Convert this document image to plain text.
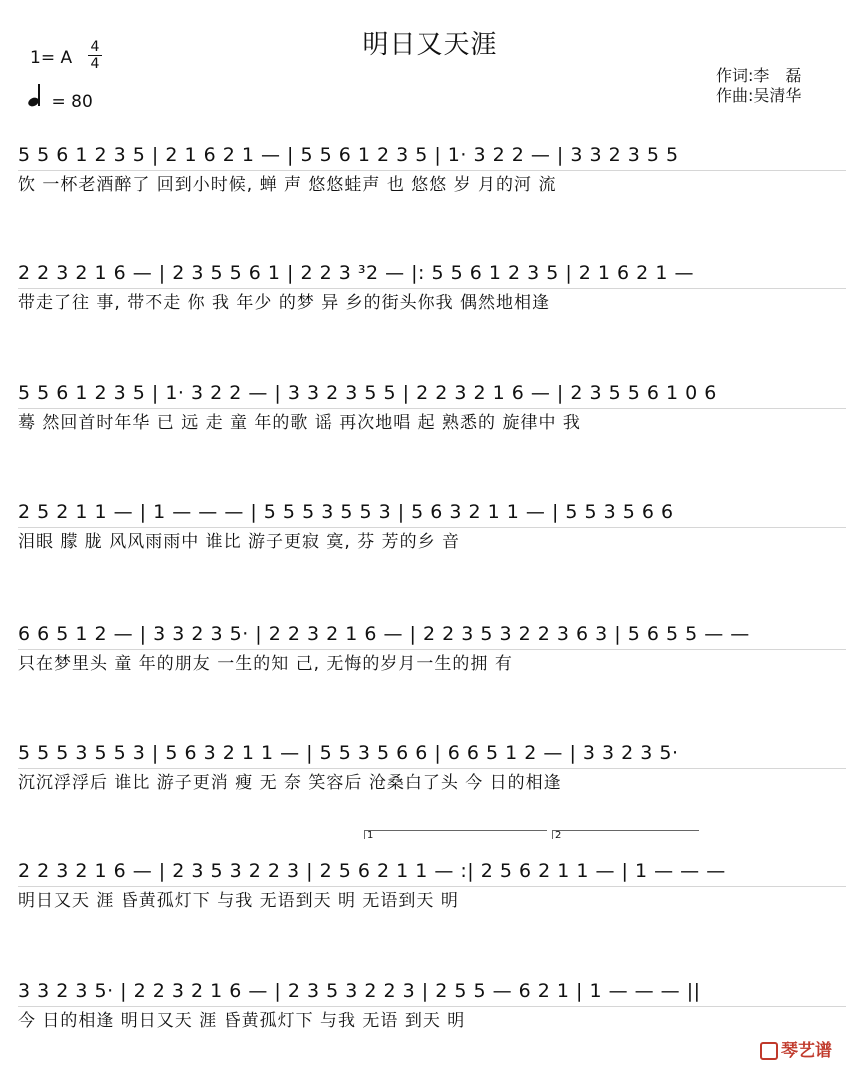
明日又天涯
1= A
4
4
= 80
作词:李　磊
作曲:吴清华
5 5 6 1 2 3 5 | 2 1 6 2 1 — | 5 5 6 1 2 3 5 | 1· 3 2 2 — | 3 3 2 3 5 5
饮 一杯老酒醉了 回到小时候, 蝉 声 悠悠蛙声 也 悠悠 岁 月的河 流
2 2 3 2 1 6 — | 2 3 5 5 6 1 | 2 2 3 ³2 — |: 5 5 6 1 2 3 5 | 2 1 6 2 1 —
带走了往 事, 带不走 你 我 年少 的梦 异 乡的街头你我 偶然地相逢
5 5 6 1 2 3 5 | 1· 3 2 2 — | 3 3 2 3 5 5 | 2 2 3 2 1 6 — | 2 3 5 5 6 1 0 6
蓦 然回首时年华 已 远 走 童 年的歌 谣 再次地唱 起 熟悉的 旋律中 我
2 5 2 1 1 — | 1 — — — | 5 5 5 3 5 5 3 | 5 6 3 2 1 1 — | 5 5 3 5 6 6
泪眼 朦 胧 风风雨雨中 谁比 游子更寂 寞, 芬 芳的乡 音
6 6 5 1 2 — | 3 3 2 3 5· | 2 2 3 2 1 6 — | 2 2 3 5 3 2 2 3 6 3 | 5 6 5 5 — —
只在梦里头 童 年的朋友 一生的知 己, 无悔的岁月一生的拥 有
5 5 5 3 5 5 3 | 5 6 3 2 1 1 — | 5 5 3 5 6 6 | 6 6 5 1 2 — | 3 3 2 3 5·
沉沉浮浮后 谁比 游子更消 瘦 无 奈 笑容后 沧桑白了头 今 日的相逢
1	2
2 2 3 2 1 6 — | 2 3 5 3 2 2 3 | 2 5 6 2 1 1 — :| 2 5 6 2 1 1 — | 1 — — —
明日又天 涯 昏黄孤灯下 与我 无语到天 明 无语到天 明
3 3 2 3 5· | 2 2 3 2 1 6 — | 2 3 5 3 2 2 3 | 2 5 5 — 6 2 1 | 1 — — — ||
今 日的相逢 明日又天 涯 昏黄孤灯下 与我 无语 到天 明
琴艺谱
